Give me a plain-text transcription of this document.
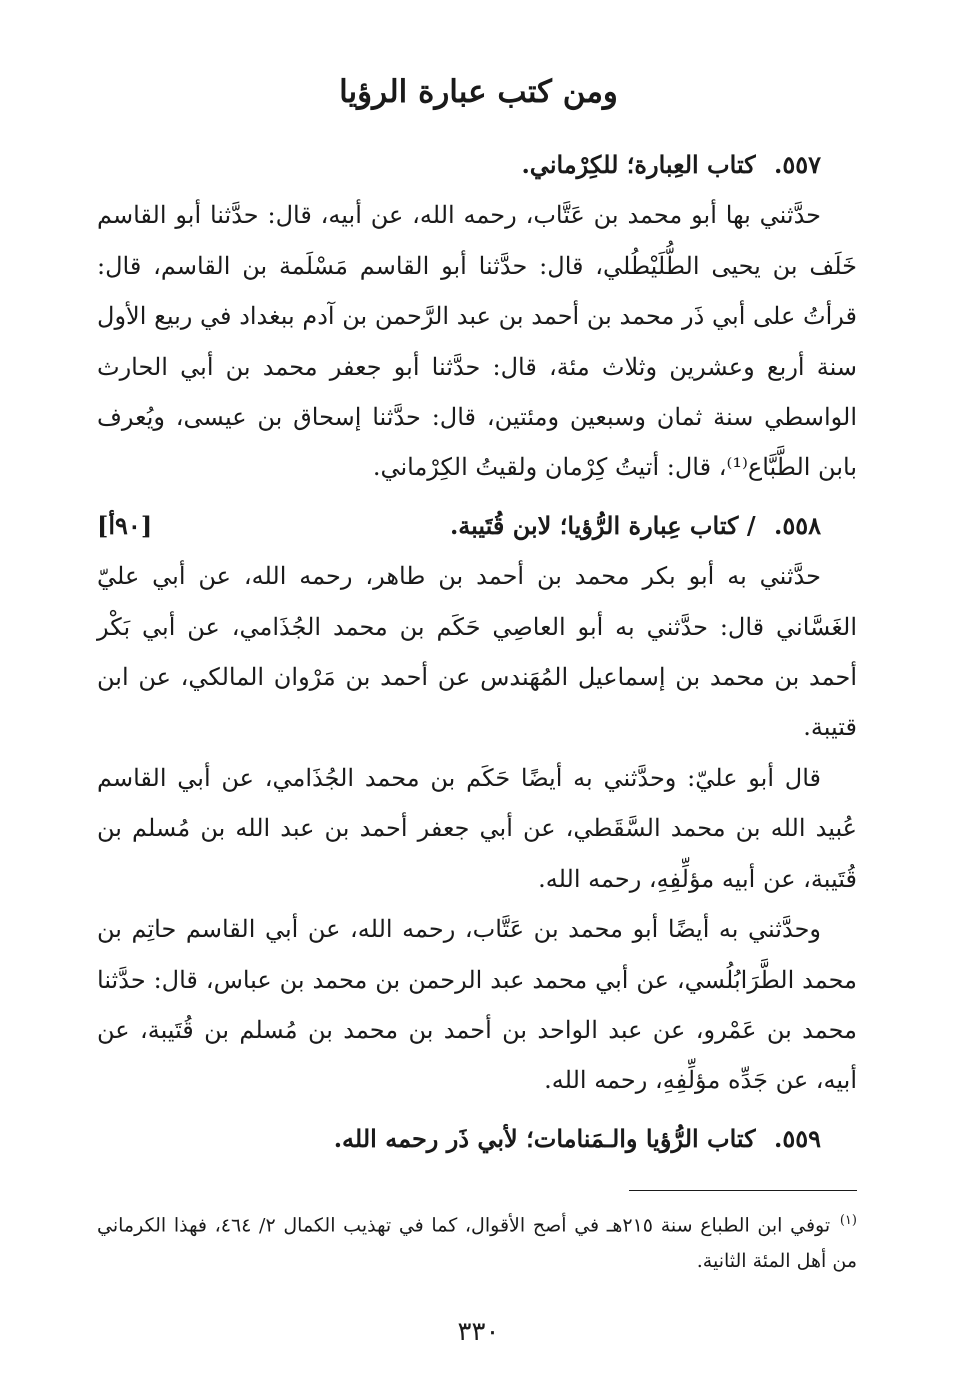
ومن كتب عبارة الرؤيا

٥٥٧. كتاب العِبارة؛ للكِرْماني.

حدَّثني بها أبو محمد بن عَتَّاب، رحمه الله، عن أبيه، قال: حدَّثنا أبو القاسم خَلَف بن يحيى الطُّلَيْطُلي، قال: حدَّثنا أبو القاسم مَسْلَمة بن القاسم، قال: قرأتُ على أبي ذَر محمد بن أحمد بن عبد الرَّحمن بن آدم ببغداد في ربيع الأول سنة أربع وعشرين وثلاث مئة، قال: حدَّثنا أبو جعفر محمد بن أبي الحارث الواسطي سنة ثمان وسبعين ومئتين، قال: حدَّثنا إسحاق بن عيسى، ويُعرف بابن الطَّبَّاع⁽¹⁾، قال: أتيتُ كِرْمان ولقيتُ الكِرْماني.

٥٥٨. / كتاب عِبارة الرُّؤيا؛ لابن قُتَيبة.
[٩٠أ]

حدَّثني به أبو بكر محمد بن أحمد بن طاهر، رحمه الله، عن أبي عليّ الغَسَّاني قال: حدَّثني به أبو العاصِي حَكَم بن محمد الجُذَامي، عن أبي بَكْر أحمد بن محمد بن إسماعيل المُهَندس عن أحمد بن مَرْوان المالكي، عن ابن قتيبة.

قال أبو عليّ: وحدَّثني به أيضًا حَكَم بن محمد الجُذَامي، عن أبي القاسم عُبيد الله بن محمد السَّقَطي، عن أبي جعفر أحمد بن عبد الله بن مُسلم بن قُتَيبة، عن أبيه مؤلِّفِهِ، رحمه الله.

وحدَّثني به أيضًا أبو محمد بن عَتَّاب، رحمه الله، عن أبي القاسم حاتِم بن محمد الطَّرَابُلُسي، عن أبي محمد عبد الرحمن بن محمد بن عباس، قال: حدَّثنا محمد بن عَمْرو، عن عبد الواحد بن أحمد بن محمد بن مُسلم بن قُتَيبة، عن أبيه، عن جَدِّه مؤلِّفِهِ، رحمه الله.

٥٥٩. كتاب الرُّؤيا والـمَنامات؛ لأبي ذَر رحمه الله.

$^{(١)}$ توفي ابن الطباع سنة ٢١٥هـ في أصح الأقوال، كما في تهذيب الكمال ٢/ ٤٦٤، فهذا الكرماني من أهل المئة الثانية.

٣٣٠
